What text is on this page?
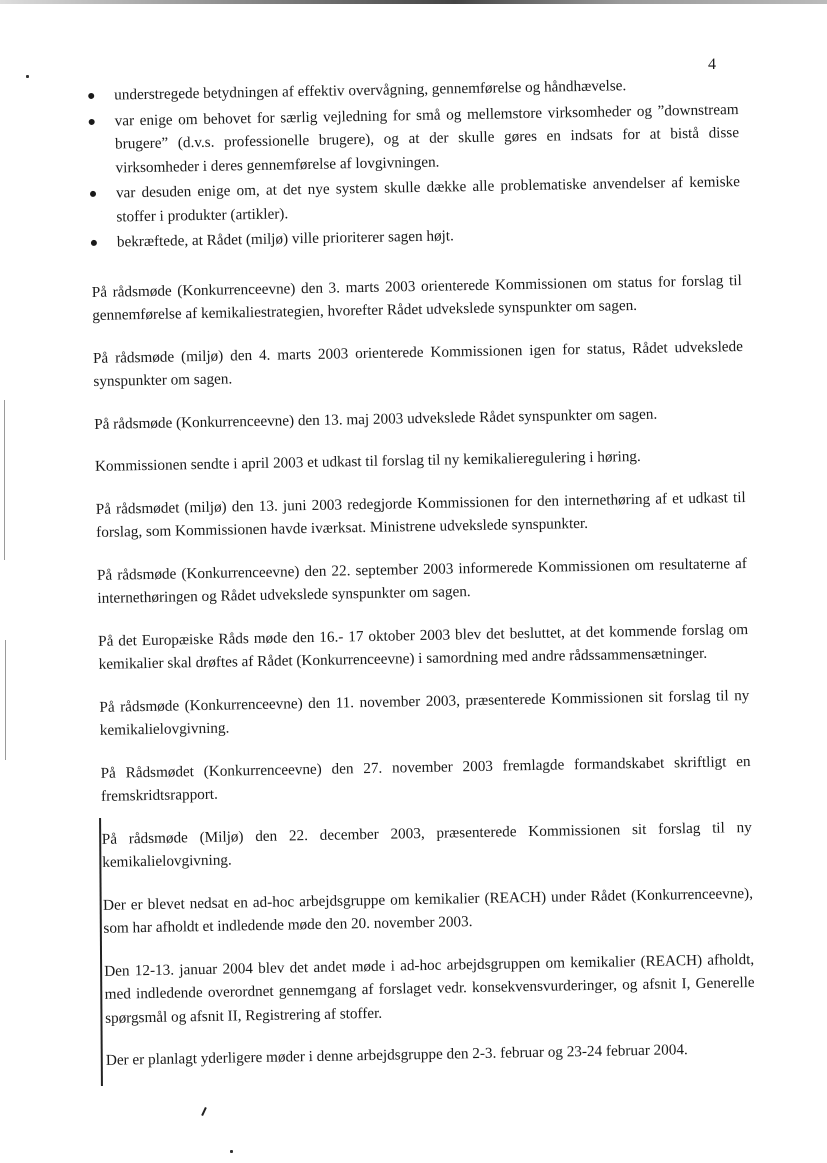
4
understregede betydningen af effektiv overvågning, gennemførelse og håndhævelse.
var enige om behovet for særlig vejledning for små og mellemstore virksomheder og ”downstream brugere” (d.v.s. professionelle brugere), og at der skulle gøres en indsats for at bistå disse virksomheder i deres gennemførelse af lovgivningen.
var desuden enige om, at det nye system skulle dække alle problematiske anvendelser af kemiske stoffer i produkter (artikler).
bekræftede, at Rådet (miljø) ville prioriterer sagen højt.

På rådsmøde (Konkurrenceevne) den 3. marts 2003 orienterede Kommissionen om status for forslag til gennemførelse af kemikaliestrategien, hvorefter Rådet udvekslede synspunkter om sagen.

På rådsmøde (miljø) den 4. marts 2003 orienterede Kommissionen igen for status, Rådet udvekslede synspunkter om sagen.

På rådsmøde (Konkurrenceevne) den 13. maj 2003 udvekslede Rådet synspunkter om sagen.

Kommissionen sendte i april 2003 et udkast til forslag til ny kemikalieregulering i høring.

På rådsmødet (miljø) den 13. juni 2003 redegjorde Kommissionen for den internethøring af et udkast til forslag, som Kommissionen havde iværksat. Ministrene udvekslede synspunkter.

På rådsmøde (Konkurrenceevne) den 22. september 2003 informerede Kommissionen om resultaterne af internethøringen og Rådet udvekslede synspunkter om sagen.

På det Europæiske Råds møde den 16.- 17 oktober 2003 blev det besluttet, at det kommende forslag om kemikalier skal drøftes af Rådet (Konkurrenceevne) i samordning med andre rådssammensætninger.

På rådsmøde (Konkurrenceevne) den 11. november 2003, præsenterede Kommissionen sit forslag til ny kemikalielovgivning.

På Rådsmødet (Konkurrenceevne) den 27. november 2003 fremlagde formandskabet skriftligt en fremskridtsrapport.

På rådsmøde (Miljø) den 22. december 2003, præsenterede Kommissionen sit forslag til ny kemikalielovgivning.

Der er blevet nedsat en ad-hoc arbejdsgruppe om kemikalier (REACH) under Rådet (Konkurrenceevne), som har afholdt et indledende møde den 20. november 2003.

Den 12-13. januar 2004 blev det andet møde i ad-hoc arbejdsgruppen om kemikalier (REACH) afholdt, med indledende overordnet gennemgang af forslaget vedr. konsekvensvurderinger, og afsnit I, Generelle spørgsmål og afsnit II, Registrering af stoffer.

Der er planlagt yderligere møder i denne arbejdsgruppe den 2-3. februar og 23-24 februar 2004.
